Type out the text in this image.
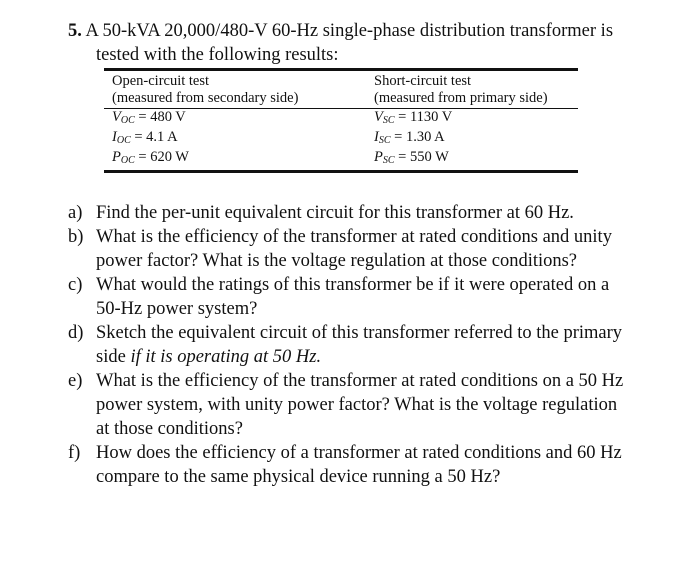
5. A 50-kVA 20,000/480-V 60-Hz single-phase distribution transformer is
tested with the following results:
Open-circuit test	Short-circuit test
(measured from secondary side)	(measured from primary side)
$V_{OC} = 480$ V	$V_{SC} = 1130$ V
$I_{OC} = 4.1$ A	$I_{SC} = 1.30$ A
$P_{OC} = 620$ W	$P_{SC} = 550$ W
a) Find the per-unit equivalent circuit for this transformer at 60 Hz.
b) What is the efficiency of the transformer at rated conditions and unity
power factor? What is the voltage regulation at those conditions?
c) What would the ratings of this transformer be if it were operated on a
50-Hz power system?
d) Sketch the equivalent circuit of this transformer referred to the primary
side if it is operating at 50 Hz.
e) What is the efficiency of the transformer at rated conditions on a 50 Hz
power system, with unity power factor? What is the voltage regulation
at those conditions?
f) How does the efficiency of a transformer at rated conditions and 60 Hz
compare to the same physical device running a 50 Hz?
